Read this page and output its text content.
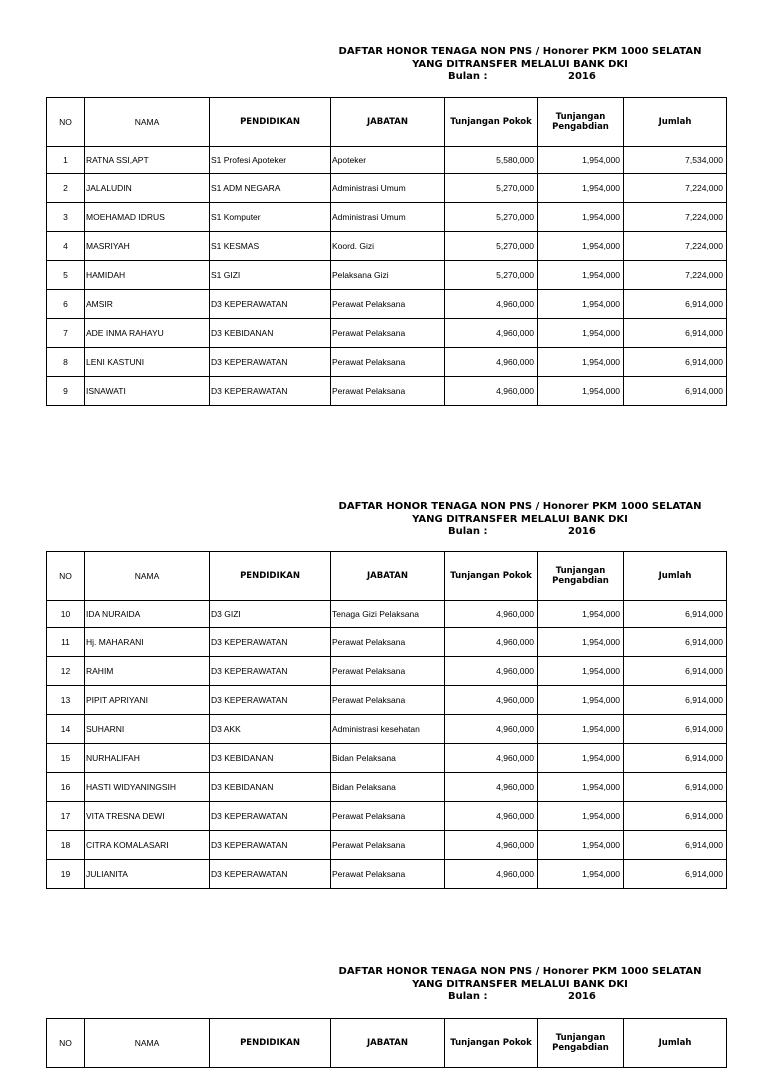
DAFTAR HONOR TENAGA NON PNS / Honorer PKM 1000 SELATAN
YANG DITRANSFER MELALUI BANK DKI
Bulan :	2016
NO	NAMA	PENDIDIKAN	JABATAN	Tunjangan Pokok	Tunjangan Pengabdian	Jumlah
1	RATNA SSI,APT	S1 Profesi Apoteker	Apoteker	5,580,000	1,954,000	7,534,000
2	JALALUDIN	S1 ADM NEGARA	Administrasi Umum	5,270,000	1,954,000	7,224,000
3	MOEHAMAD IDRUS	S1 Komputer	Administrasi Umum	5,270,000	1,954,000	7,224,000
4	MASRIYAH	S1 KESMAS	Koord. Gizi	5,270,000	1,954,000	7,224,000
5	HAMIDAH	S1 GIZI	Pelaksana Gizi	5,270,000	1,954,000	7,224,000
6	AMSIR	D3 KEPERAWATAN	Perawat Pelaksana	4,960,000	1,954,000	6,914,000
7	ADE INMA RAHAYU	D3 KEBIDANAN	Perawat Pelaksana	4,960,000	1,954,000	6,914,000
8	LENI KASTUNI	D3 KEPERAWATAN	Perawat Pelaksana	4,960,000	1,954,000	6,914,000
9	ISNAWATI	D3 KEPERAWATAN	Perawat Pelaksana	4,960,000	1,954,000	6,914,000
DAFTAR HONOR TENAGA NON PNS / Honorer PKM 1000 SELATAN
YANG DITRANSFER MELALUI BANK DKI
Bulan :	2016
NO	NAMA	PENDIDIKAN	JABATAN	Tunjangan Pokok	Tunjangan Pengabdian	Jumlah
10	IDA NURAIDA	D3 GIZI	Tenaga Gizi Pelaksana	4,960,000	1,954,000	6,914,000
11	Hj. MAHARANI	D3 KEPERAWATAN	Perawat Pelaksana	4,960,000	1,954,000	6,914,000
12	RAHIM	D3 KEPERAWATAN	Perawat Pelaksana	4,960,000	1,954,000	6,914,000
13	PIPIT APRIYANI	D3 KEPERAWATAN	Perawat Pelaksana	4,960,000	1,954,000	6,914,000
14	SUHARNI	D3 AKK	Administrasi kesehatan	4,960,000	1,954,000	6,914,000
15	NURHALIFAH	D3 KEBIDANAN	Bidan Pelaksana	4,960,000	1,954,000	6,914,000
16	HASTI WIDYANINGSIH	D3 KEBIDANAN	Bidan Pelaksana	4,960,000	1,954,000	6,914,000
17	VITA TRESNA DEWI	D3 KEPERAWATAN	Perawat Pelaksana	4,960,000	1,954,000	6,914,000
18	CITRA KOMALASARI	D3 KEPERAWATAN	Perawat Pelaksana	4,960,000	1,954,000	6,914,000
19	JULIANITA	D3 KEPERAWATAN	Perawat Pelaksana	4,960,000	1,954,000	6,914,000
DAFTAR HONOR TENAGA NON PNS / Honorer PKM 1000 SELATAN
YANG DITRANSFER MELALUI BANK DKI
Bulan :	2016
NO	NAMA	PENDIDIKAN	JABATAN	Tunjangan Pokok	Tunjangan Pengabdian	Jumlah
